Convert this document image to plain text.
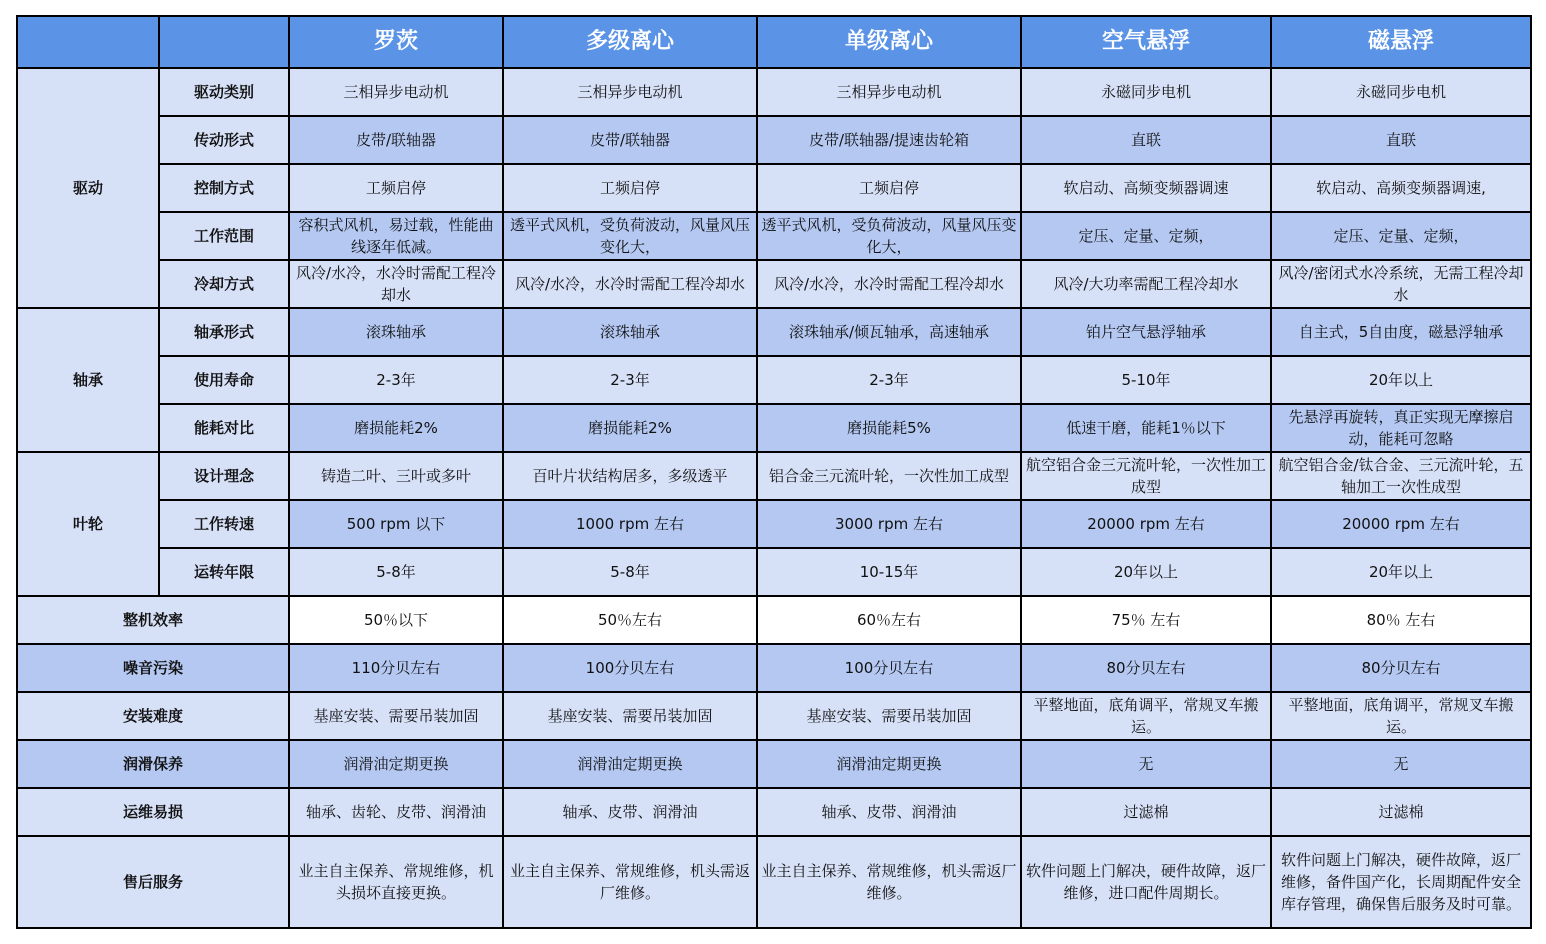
		罗茨	多级离心	单级离心	空气悬浮	磁悬浮
驱动	驱动类别	三相异步电动机	三相异步电动机	三相异步电动机	永磁同步电机	永磁同步电机
	传动形式	皮带/联轴器	皮带/联轴器	皮带/联轴器/提速齿轮箱	直联	直联
	控制方式	工频启停	工频启停	工频启停	软启动、高频变频器调速	软启动、高频变频器调速,
	工作范围	容积式风机，易过载，性能曲线逐年低减。	透平式风机，受负荷波动，风量风压变化大，	透平式风机，受负荷波动，风量风压变化大，	定压、定量、定频，	定压、定量、定频，
	冷却方式	风冷/水冷，水冷时需配工程冷却水	风冷/水冷，水冷时需配工程冷却水	风冷/水冷，水冷时需配工程冷却水	风冷/大功率需配工程冷却水	风冷/密闭式水冷系统，无需工程冷却水
轴承	轴承形式	滚珠轴承	滚珠轴承	滚珠轴承/倾瓦轴承，高速轴承	铂片空气悬浮轴承	自主式，5自由度，磁悬浮轴承
	使用寿命	2-3年	2-3年	2-3年	5-10年	20年以上
	能耗对比	磨损能耗2%	磨损能耗2%	磨损能耗5%	低速干磨，能耗1％以下	先悬浮再旋转，真正实现无摩擦启动，能耗可忽略
叶轮	设计理念	铸造二叶、三叶或多叶	百叶片状结构居多，多级透平	铝合金三元流叶轮，一次性加工成型	航空铝合金三元流叶轮，一次性加工成型	航空铝合金/钛合金、三元流叶轮，五轴加工一次性成型
	工作转速	500 rpm 以下	1000 rpm 左右	3000 rpm 左右	20000 rpm 左右	20000 rpm 左右
	运转年限	5-8年	5-8年	10-15年	20年以上	20年以上
整机效率		50％以下	50％左右	60％左右	75％ 左右	80％ 左右
噪音污染		110分贝左右	100分贝左右	100分贝左右	80分贝左右	80分贝左右
安装难度		基座安装、需要吊装加固	基座安装、需要吊装加固	基座安装、需要吊装加固	平整地面，底角调平，常规叉车搬运。	平整地面，底角调平，常规叉车搬运。
润滑保养		润滑油定期更换	润滑油定期更换	润滑油定期更换	无	无
运维易损		轴承、齿轮、皮带、润滑油	轴承、皮带、润滑油	轴承、皮带、润滑油	过滤棉	过滤棉
售后服务		业主自主保养、常规维修，机头损坏直接更换。	业主自主保养、常规维修，机头需返厂维修。	业主自主保养、常规维修，机头需返厂维修。	软件问题上门解决，硬件故障，返厂维修，进口配件周期长。	软件问题上门解决，硬件故障，返厂维修，备件国产化，长周期配件安全库存管理，确保售后服务及时可靠。
